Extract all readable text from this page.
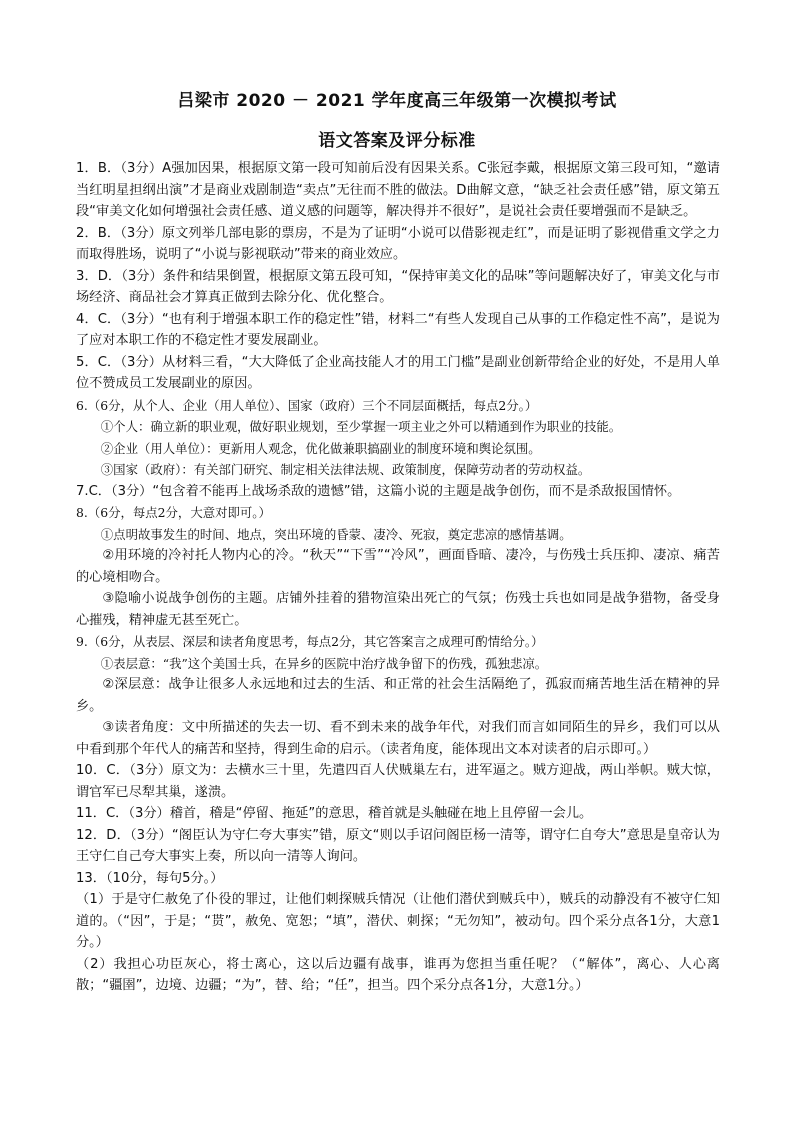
吕梁市 2020 － 2021 学年度高三年级第一次模拟考试
语文答案及评分标准

1．B．（3分）A强加因果，根据原文第一段可知前后没有因果关系。C张冠李戴，根据原文第三段可知，“邀请当红明星担纲出演”才是商业戏剧制造“卖点”无往而不胜的做法。D曲解文意，“缺乏社会责任感”错，原文第五段“审美文化如何增强社会责任感、道义感的问题等，解决得并不很好”，是说社会责任要增强而不是缺乏。

2．B．（3分）原文列举几部电影的票房，不是为了证明“小说可以借影视走红”，而是证明了影视借重文学之力而取得胜场，说明了“小说与影视联动”带来的商业效应。

3．D．（3分）条件和结果倒置，根据原文第五段可知，“保持审美文化的品味”等问题解决好了，审美文化与市场经济、商品社会才算真正做到去除分化、优化整合。

4．C．（3分）“也有利于增强本职工作的稳定性”错，材料二“有些人发现自己从事的工作稳定性不高”，是说为了应对本职工作的不稳定性才要发展副业。

5．C．（3分）从材料三看，“大大降低了企业高技能人才的用工门槛”是副业创新带给企业的好处，不是用人单位不赞成员工发展副业的原因。

6.（6分，从个人、企业（用人单位）、国家（政府）三个不同层面概括，每点2分。）

①个人：确立新的职业观，做好职业规划，至少掌握一项主业之外可以精通到作为职业的技能。

②企业（用人单位）：更新用人观念，优化做兼职搞副业的制度环境和舆论氛围。

③国家（政府）：有关部门研究、制定相关法律法规、政策制度，保障劳动者的劳动权益。

7.C．（3分）“包含着不能再上战场杀敌的遗憾”错，这篇小说的主题是战争创伤，而不是杀敌报国情怀。

8.（6分，每点2分，大意对即可。）

①点明故事发生的时间、地点，突出环境的昏蒙、凄冷、死寂，奠定悲凉的感情基调。

②用环境的冷衬托人物内心的冷。“秋天”“下雪”“冷风”，画面昏暗、凄冷，与伤残士兵压抑、凄凉、痛苦的心境相吻合。

③隐喻小说战争创伤的主题。店铺外挂着的猎物渲染出死亡的气氛；伤残士兵也如同是战争猎物，备受身心摧残，精神虚无甚至死亡。

9.（6分，从表层、深层和读者角度思考，每点2分，其它答案言之成理可酌情给分。）

①表层意：“我”这个美国士兵，在异乡的医院中治疗战争留下的伤残，孤独悲凉。

②深层意：战争让很多人永远地和过去的生活、和正常的社会生活隔绝了，孤寂而痛苦地生活在精神的异乡。

③读者角度：文中所描述的失去一切、看不到未来的战争年代，对我们而言如同陌生的异乡，我们可以从中看到那个年代人的痛苦和坚持，得到生命的启示。（读者角度，能体现出文本对读者的启示即可。）

10．C．（3分）原文为：去横水三十里，先遣四百人伏贼巢左右，进军逼之。贼方迎战，两山举帜。贼大惊，谓官军已尽犁其巢，遂溃。

11．C．（3分）稽首，稽是“停留、拖延”的意思，稽首就是头触碰在地上且停留一会儿。

12．D．（3分）“阁臣认为守仁夸大事实”错，原文“则以手诏问阁臣杨一清等，谓守仁自夸大”意思是皇帝认为王守仁自己夸大事实上奏，所以向一清等人询问。

13．（10分，每句5分。）

（1）于是守仁赦免了仆役的罪过，让他们刺探贼兵情况（让他们潜伏到贼兵中），贼兵的动静没有不被守仁知道的。（“因”，于是；“贳”，赦免、宽恕；“填”，潜伏、刺探；“无勿知”，被动句。四个采分点各1分，大意1分。）

（2）我担心功臣灰心，将士离心，这以后边疆有战事，谁再为您担当重任呢？（“解体”，离心、人心离散；“疆圉”，边境、边疆；“为”，替、给；“任”，担当。四个采分点各1分，大意1分。）
